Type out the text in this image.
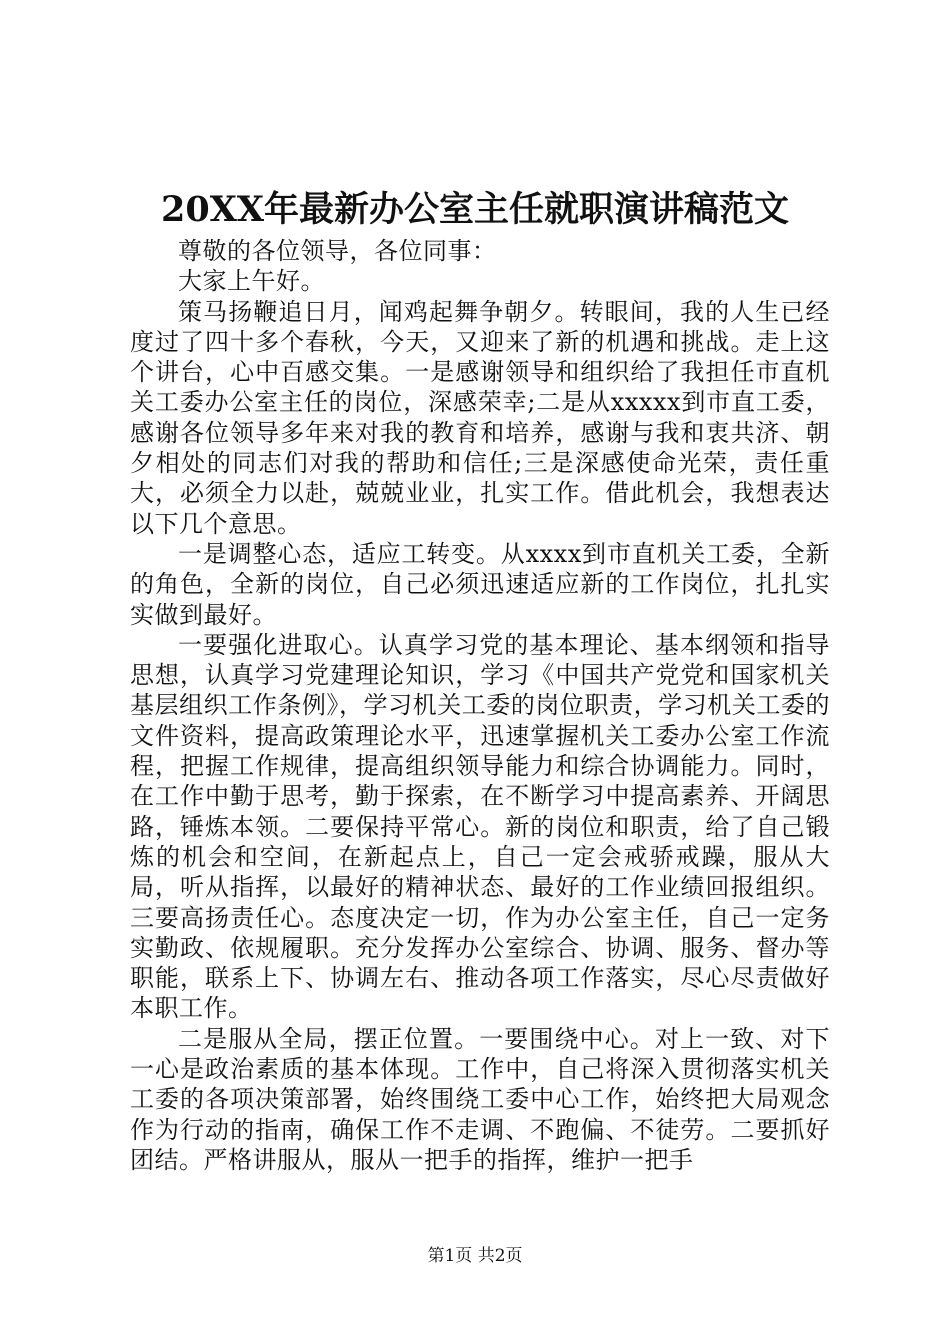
20XX年最新办公室主任就职演讲稿范文

尊敬的各位领导，各位同事：

大家上午好。

策马扬鞭追日月，闻鸡起舞争朝夕。转眼间，我的人生已经度过了四十多个春秋，今天，又迎来了新的机遇和挑战。走上这个讲台，心中百感交集。一是感谢领导和组织给了我担任市直机关工委办公室主任的岗位，深感荣幸;二是从xxxxx到市直工委，感谢各位领导多年来对我的教育和培养，感谢与我和衷共济、朝夕相处的同志们对我的帮助和信任;三是深感使命光荣，责任重大，必须全力以赴，兢兢业业，扎实工作。借此机会，我想表达以下几个意思。

一是调整心态，适应工转变。从xxxx到市直机关工委，全新的角色，全新的岗位，自己必须迅速适应新的工作岗位，扎扎实实做到最好。

一要强化进取心。认真学习党的基本理论、基本纲领和指导思想，认真学习党建理论知识，学习《中国共产党党和国家机关基层组织工作条例》，学习机关工委的岗位职责，学习机关工委的文件资料，提高政策理论水平，迅速掌握机关工委办公室工作流程，把握工作规律，提高组织领导能力和综合协调能力。同时，在工作中勤于思考，勤于探索，在不断学习中提高素养、开阔思路，锤炼本领。二要保持平常心。新的岗位和职责，给了自己锻炼的机会和空间，在新起点上，自己一定会戒骄戒躁，服从大局，听从指挥，以最好的精神状态、最好的工作业绩回报组织。三要高扬责任心。态度决定一切，作为办公室主任，自己一定务实勤政、依规履职。充分发挥办公室综合、协调、服务、督办等职能，联系上下、协调左右、推动各项工作落实，尽心尽责做好本职工作。

二是服从全局，摆正位置。一要围绕中心。对上一致、对下一心是政治素质的基本体现。工作中，自己将深入贯彻落实机关工委的各项决策部署，始终围绕工委中心工作，始终把大局观念作为行动的指南，确保工作不走调、不跑偏、不徒劳。二要抓好团结。严格讲服从，服从一把手的指挥，维护一把手

第1页 共2页
